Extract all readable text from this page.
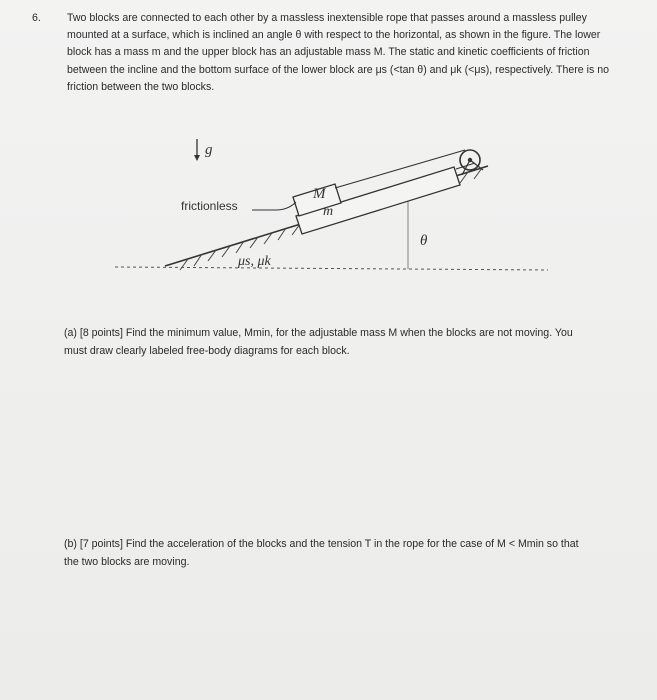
6. Two blocks are connected to each other by a massless inextensible rope that passes around a massless pulley mounted at a surface, which is inclined an angle θ with respect to the horizontal, as shown in the figure. The lower block has a mass m and the upper block has an adjustable mass M. The static and kinetic coefficients of friction between the incline and the bottom surface of the lower block are μs (<tan θ) and μk (<μs), respectively. There is no friction between the two blocks.
g
θ
m
M
frictionless
μs, μk
(a) [8 points] Find the minimum value, Mmin, for the adjustable mass M when the blocks are not moving. You must draw clearly labeled free-body diagrams for each block.
(b) [7 points] Find the acceleration of the blocks and the tension T in the rope for the case of M < Mmin so that the two blocks are moving.
